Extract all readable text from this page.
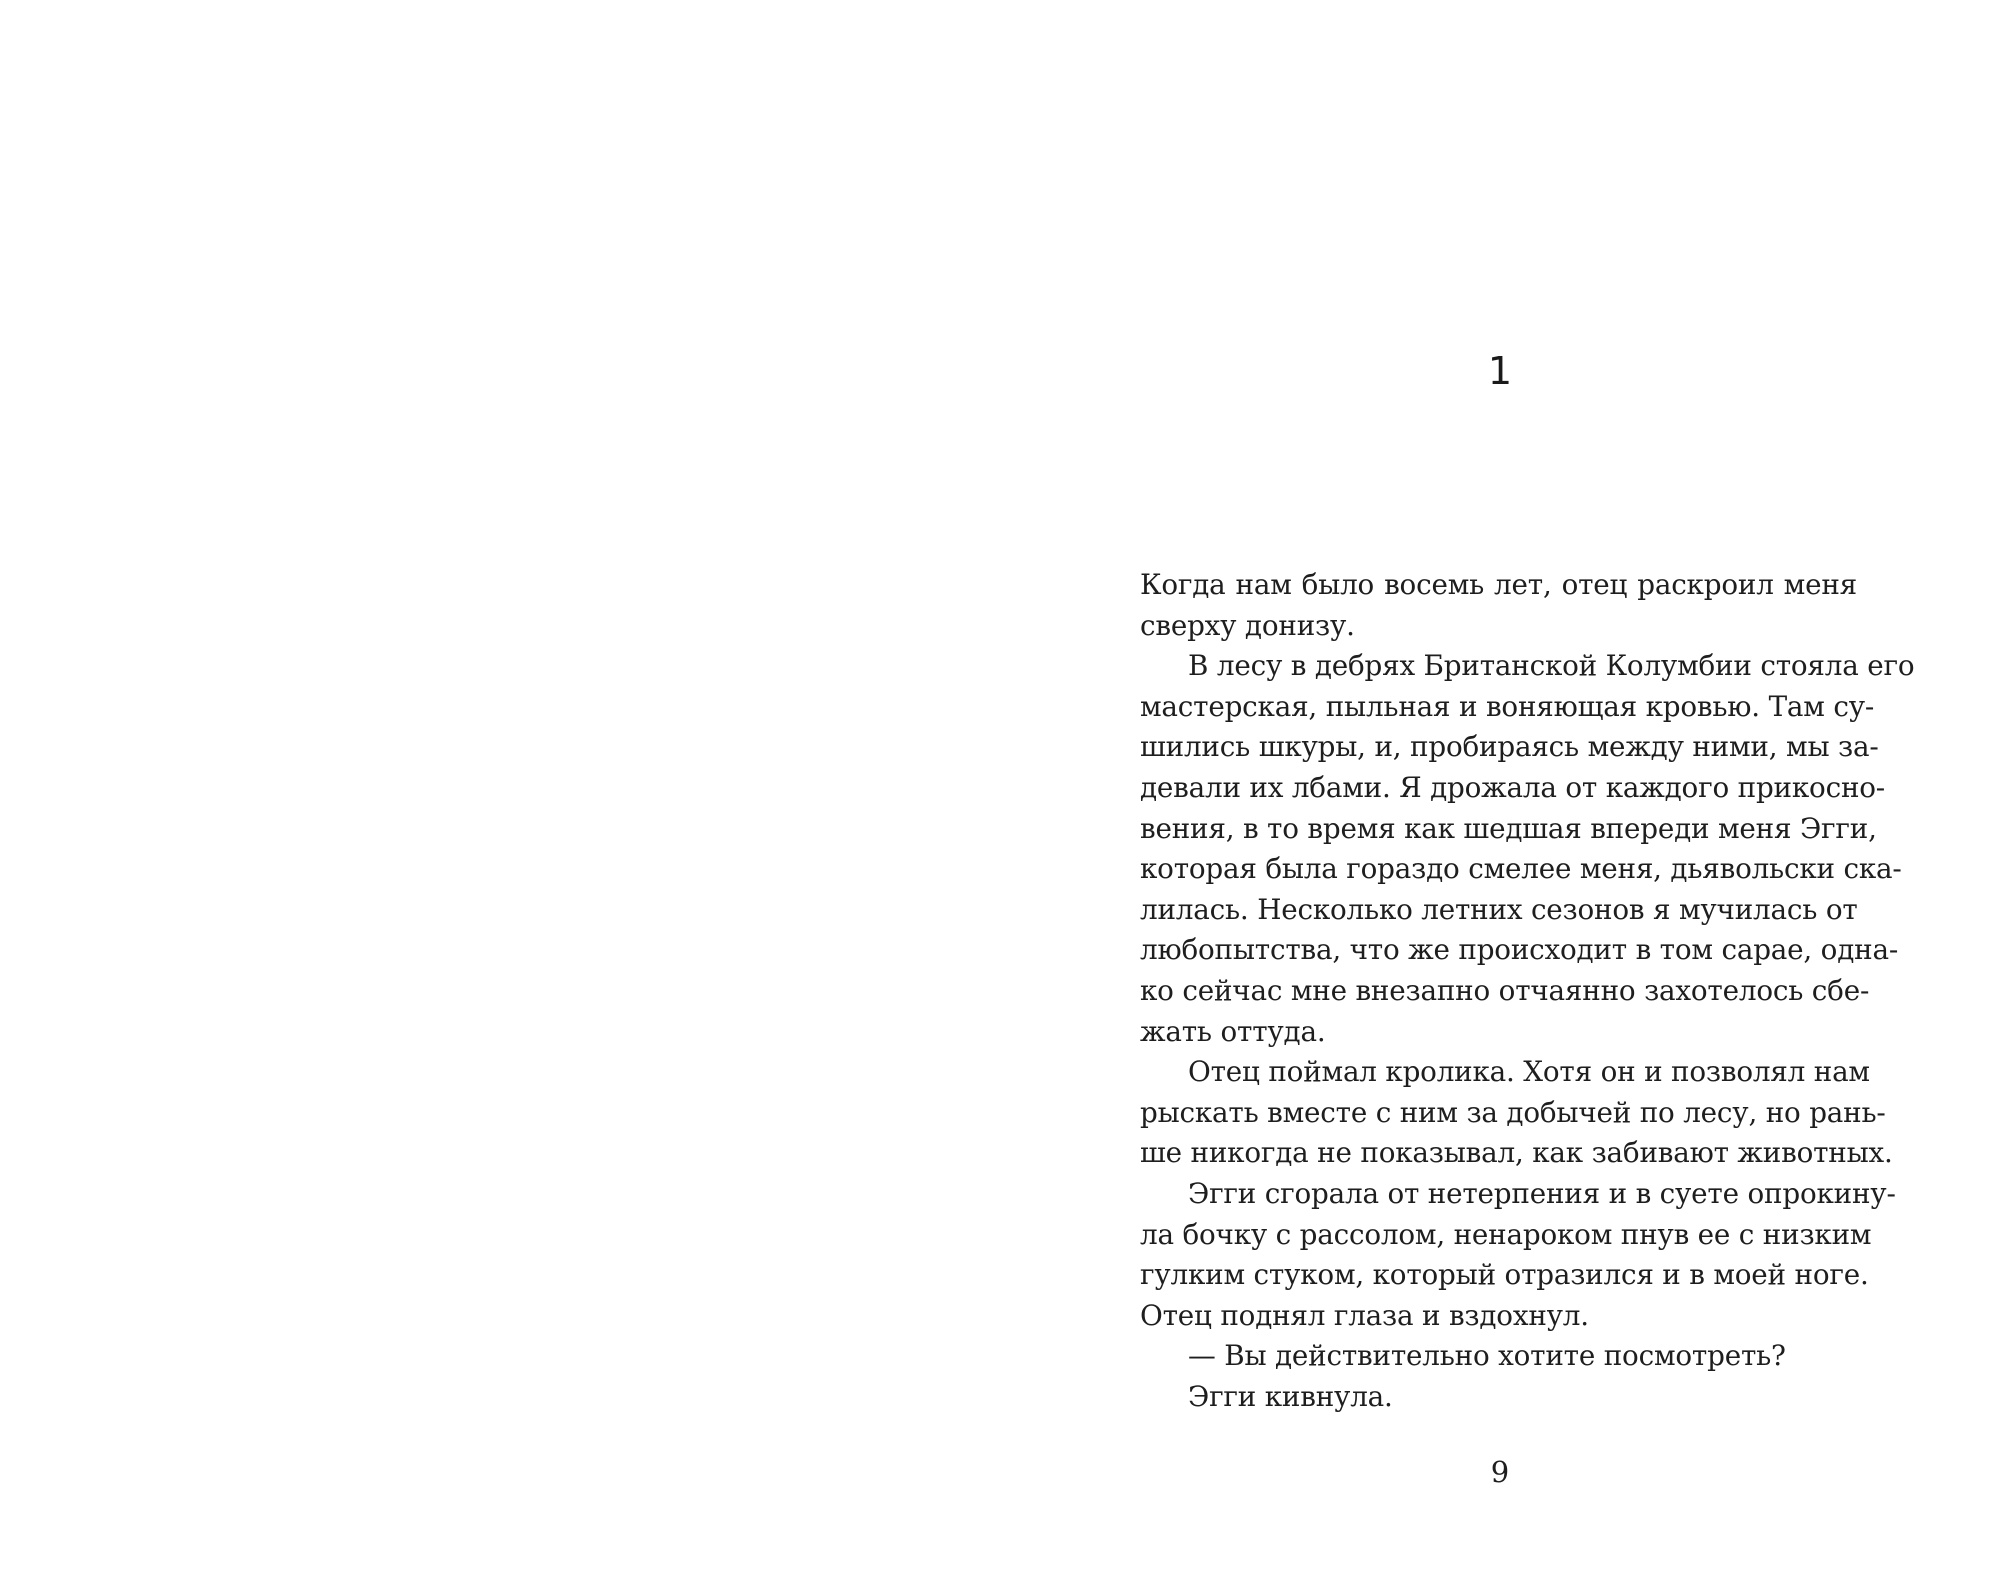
1
Когда нам было восемь лет, отец раскроил меня
сверху донизу.
В лесу в дебрях Британской Колумбии стояла его
мастерская, пыльная и воняющая кровью. Там су-
шились шкуры, и, пробираясь между ними, мы за-
девали их лбами. Я дрожала от каждого прикосно-
вения, в то время как шедшая впереди меня Эгги,
которая была гораздо смелее меня, дьявольски ска-
лилась. Несколько летних сезонов я мучилась от
любопытства, что же происходит в том сарае, одна-
ко сейчас мне внезапно отчаянно захотелось сбе-
жать оттуда.
Отец поймал кролика. Хотя он и позволял нам
рыскать вместе с ним за добычей по лесу, но рань-
ше никогда не показывал, как забивают животных.
Эгги сгорала от нетерпения и в суете опрокину-
ла бочку с рассолом, ненароком пнув ее с низким
гулким стуком, который отразился и в моей ноге.
Отец поднял глаза и вздохнул.
— Вы действительно хотите посмотреть?
Эгги кивнула.
9
